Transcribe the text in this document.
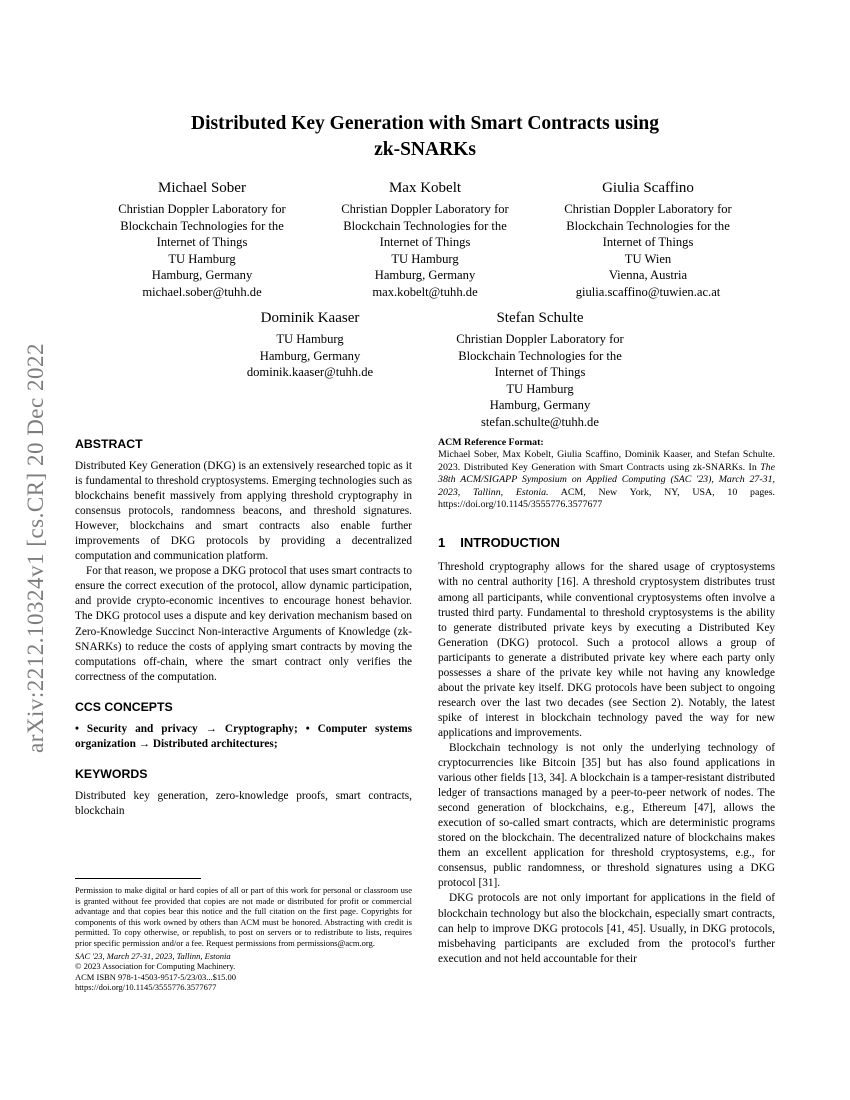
arXiv:2212.10324v1 [cs.CR] 20 Dec 2022
Distributed Key Generation with Smart Contracts using
zk-SNARKs
Michael Sober
Christian Doppler Laboratory for
Blockchain Technologies for the
Internet of Things
TU Hamburg
Hamburg, Germany
michael.sober@tuhh.de
Max Kobelt
Christian Doppler Laboratory for
Blockchain Technologies for the
Internet of Things
TU Hamburg
Hamburg, Germany
max.kobelt@tuhh.de
Giulia Scaffino
Christian Doppler Laboratory for
Blockchain Technologies for the
Internet of Things
TU Wien
Vienna, Austria
giulia.scaffino@tuwien.ac.at
Dominik Kaaser
TU Hamburg
Hamburg, Germany
dominik.kaaser@tuhh.de
Stefan Schulte
Christian Doppler Laboratory for
Blockchain Technologies for the
Internet of Things
TU Hamburg
Hamburg, Germany
stefan.schulte@tuhh.de
ABSTRACT
Distributed Key Generation (DKG) is an extensively researched topic as it is fundamental to threshold cryptosystems. Emerging technologies such as blockchains benefit massively from applying threshold cryptography in consensus protocols, randomness beacons, and threshold signatures. However, blockchains and smart contracts also enable further improvements of DKG protocols by providing a decentralized computation and communication platform.
For that reason, we propose a DKG protocol that uses smart contracts to ensure the correct execution of the protocol, allow dynamic participation, and provide crypto-economic incentives to encourage honest behavior. The DKG protocol uses a dispute and key derivation mechanism based on Zero-Knowledge Succinct Non-interactive Arguments of Knowledge (zk-SNARKs) to reduce the costs of applying smart contracts by moving the computations off-chain, where the smart contract only verifies the correctness of the computation.
CCS CONCEPTS
• Security and privacy → Cryptography; • Computer systems organization → Distributed architectures;
KEYWORDS
Distributed key generation, zero-knowledge proofs, smart contracts, blockchain
Permission to make digital or hard copies of all or part of this work for personal or classroom use is granted without fee provided that copies are not made or distributed for profit or commercial advantage and that copies bear this notice and the full citation on the first page. Copyrights for components of this work owned by others than ACM must be honored. Abstracting with credit is permitted. To copy otherwise, or republish, to post on servers or to redistribute to lists, requires prior specific permission and/or a fee. Request permissions from permissions@acm.org.
SAC '23, March 27-31, 2023, Tallinn, Estonia
© 2023 Association for Computing Machinery.
ACM ISBN 978-1-4503-9517-5/23/03...$15.00
https://doi.org/10.1145/3555776.3577677
ACM Reference Format:
Michael Sober, Max Kobelt, Giulia Scaffino, Dominik Kaaser, and Stefan Schulte. 2023. Distributed Key Generation with Smart Contracts using zk-SNARKs. In The 38th ACM/SIGAPP Symposium on Applied Computing (SAC '23), March 27-31, 2023, Tallinn, Estonia. ACM, New York, NY, USA, 10 pages. https://doi.org/10.1145/3555776.3577677
1 INTRODUCTION
Threshold cryptography allows for the shared usage of cryptosystems with no central authority [16]. A threshold cryptosystem distributes trust among all participants, while conventional cryptosystems often involve a trusted third party. Fundamental to threshold cryptosystems is the ability to generate distributed private keys by executing a Distributed Key Generation (DKG) protocol. Such a protocol allows a group of participants to generate a distributed private key where each party only possesses a share of the private key while not having any knowledge about the private key itself. DKG protocols have been subject to ongoing research over the last two decades (see Section 2). Notably, the latest spike of interest in blockchain technology paved the way for new applications and improvements.
Blockchain technology is not only the underlying technology of cryptocurrencies like Bitcoin [35] but has also found applications in various other fields [13, 34]. A blockchain is a tamper-resistant distributed ledger of transactions managed by a peer-to-peer network of nodes. The second generation of blockchains, e.g., Ethereum [47], allows the execution of so-called smart contracts, which are deterministic programs stored on the blockchain. The decentralized nature of blockchains makes them an excellent application for threshold cryptosystems, e.g., for consensus, public randomness, or threshold signatures using a DKG protocol [31].
DKG protocols are not only important for applications in the field of blockchain technology but also the blockchain, especially smart contracts, can help to improve DKG protocols [41, 45]. Usually, in DKG protocols, misbehaving participants are excluded from the protocol's further execution and not held accountable for their
